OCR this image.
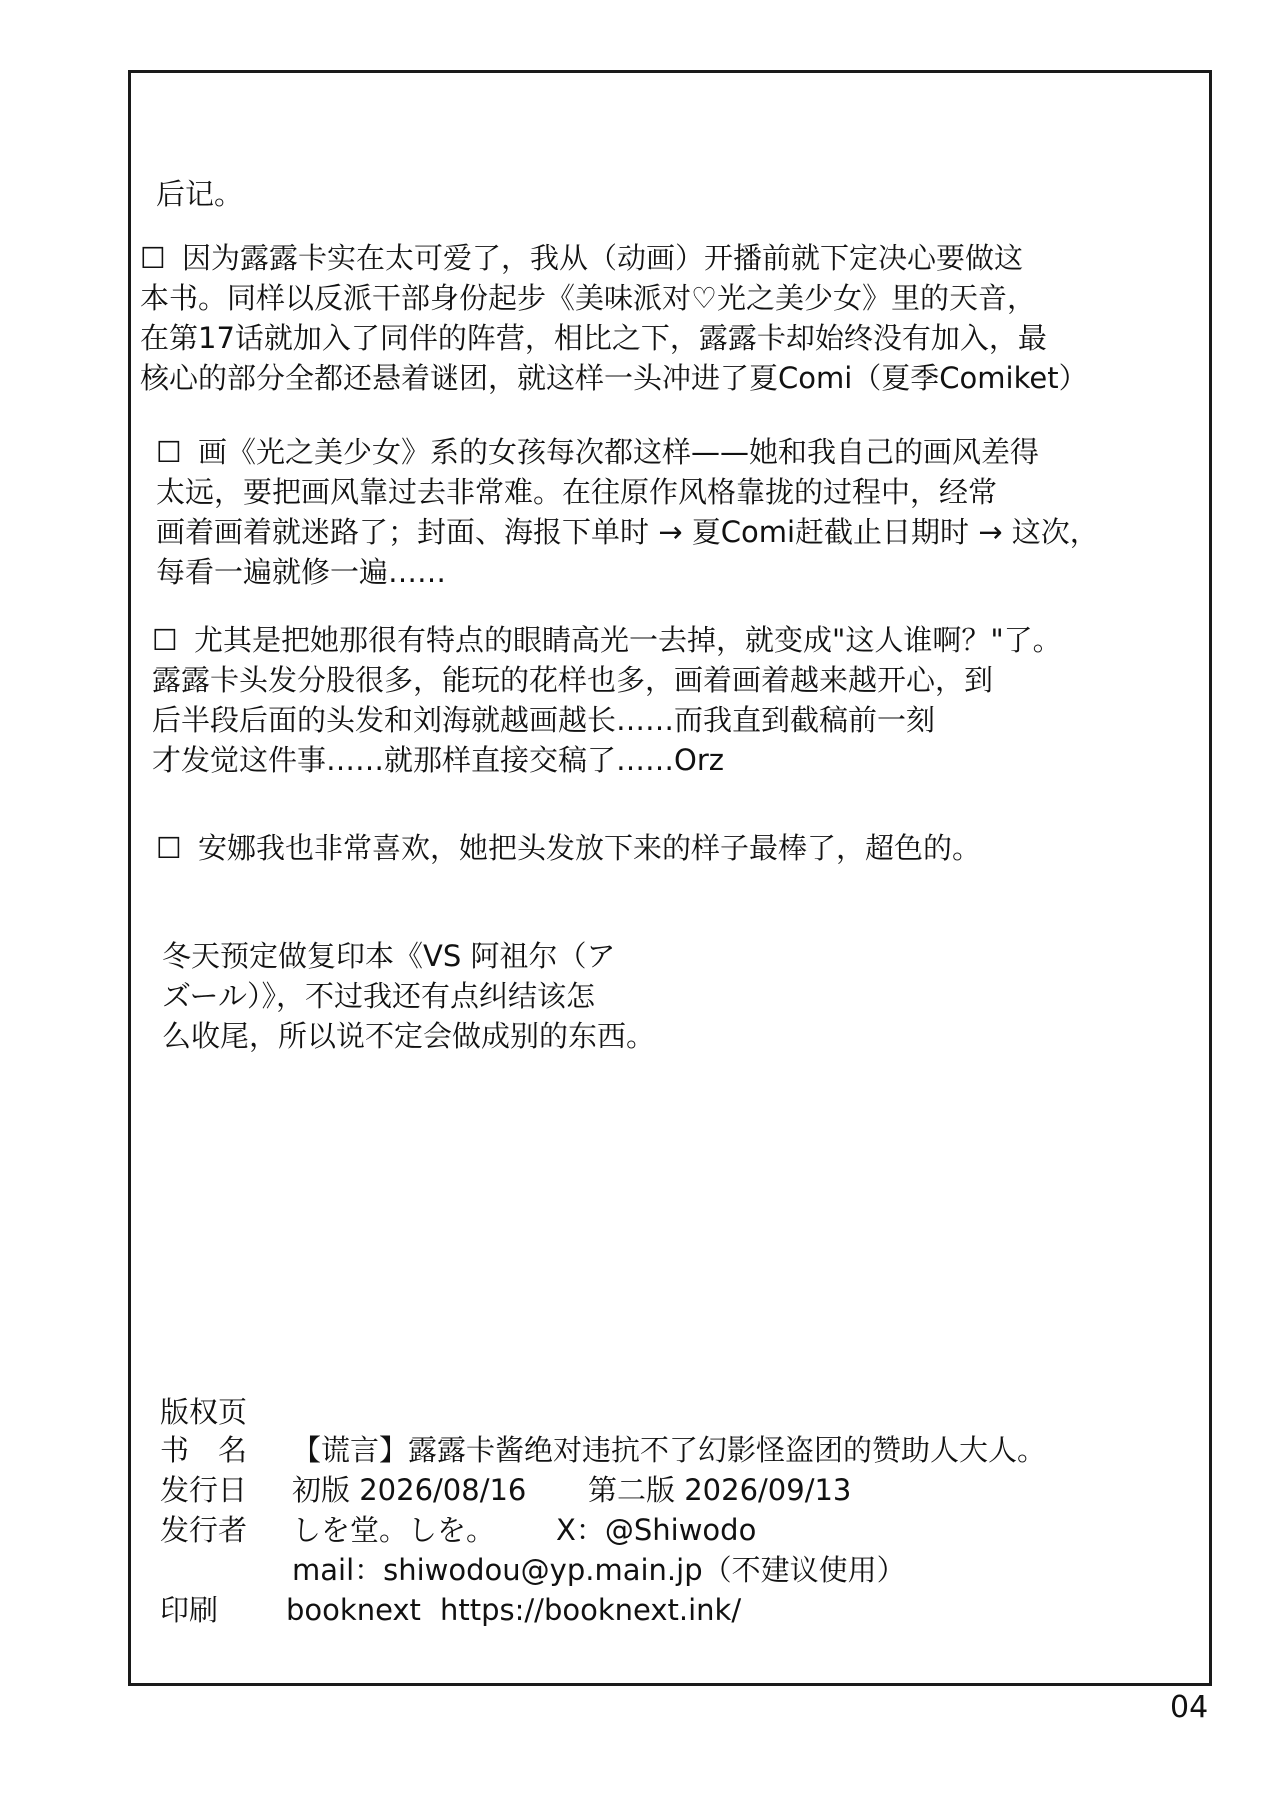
后记。
☐ 因为露露卡实在太可爱了，我从（动画）开播前就下定决心要做这
本书。同样以反派干部身份起步《美味派对♡光之美少女》里的天音，
在第17话就加入了同伴的阵营，相比之下，露露卡却始终没有加入，最
核心的部分全都还悬着谜团，就这样一头冲进了夏Comi（夏季Comiket）
☐ 画《光之美少女》系的女孩每次都这样——她和我自己的画风差得
太远，要把画风靠过去非常难。在往原作风格靠拢的过程中，经常
画着画着就迷路了；封面、海报下单时 → 夏Comi赶截止日期时 → 这次，
每看一遍就修一遍……
☐ 尤其是把她那很有特点的眼睛高光一去掉，就变成"这人谁啊？"了。
露露卡头发分股很多，能玩的花样也多，画着画着越来越开心，到
后半段后面的头发和刘海就越画越长……而我直到截稿前一刻
才发觉这件事……就那样直接交稿了……Orz
☐ 安娜我也非常喜欢，她把头发放下来的样子最棒了，超色的。
冬天预定做复印本《VS 阿祖尔（ア
ズール）》，不过我还有点纠结该怎
么收尾，所以说不定会做成别的东西。
版权页
书　名 【谎言】露露卡酱绝对违抗不了幻影怪盗团的赞助人大人。
发行日 初版 2026/08/16 第二版 2026/09/13
发行者 しを堂。しを。 X：@Shiwodo
mail：shiwodou@yp.main.jp（不建议使用）
印刷 booknext https://booknext.ink/
04
